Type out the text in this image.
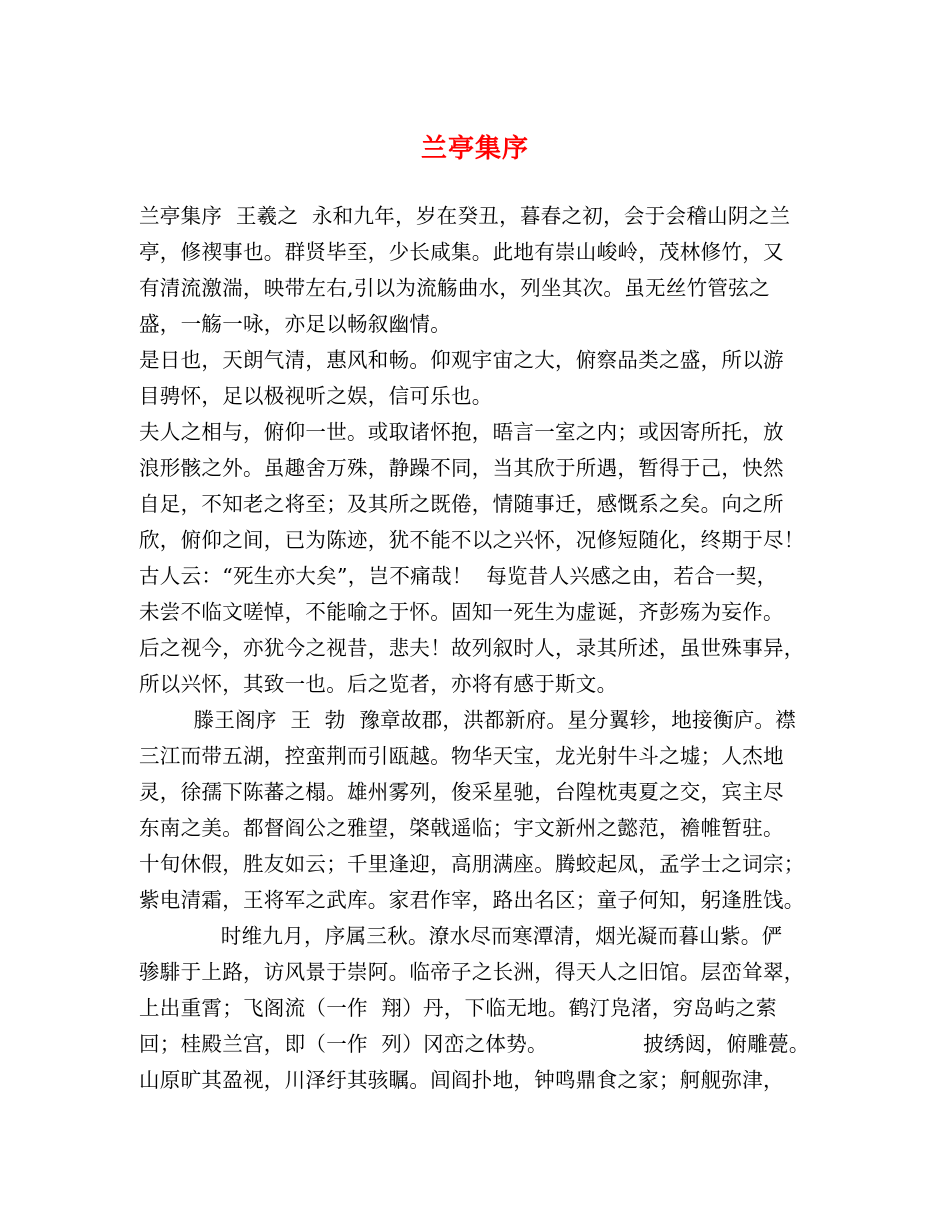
兰亭集序
兰亭集序  王羲之  永和九年，岁在癸丑，暮春之初，会于会稽山阴之兰
亭，修禊事也。群贤毕至，少长咸集。此地有崇山峻岭，茂林修竹，又
有清流激湍，映带左右,引以为流觞曲水，列坐其次。虽无丝竹管弦之
盛，一觞一咏，亦足以畅叙幽情。
是日也，天朗气清，惠风和畅。仰观宇宙之大，俯察品类之盛，所以游
目骋怀，足以极视听之娱，信可乐也。
夫人之相与，俯仰一世。或取诸怀抱，晤言一室之内；或因寄所托，放
浪形骸之外。虽趣舍万殊，静躁不同，当其欣于所遇，暂得于己，快然
自足，不知老之将至；及其所之既倦，情随事迁，感慨系之矣。向之所
欣，俯仰之间，已为陈迹，犹不能不以之兴怀，况修短随化，终期于尽！
古人云：“死生亦大矣”，岂不痛哉！  每览昔人兴感之由，若合一契，
未尝不临文嗟悼，不能喻之于怀。固知一死生为虚诞，齐彭殇为妄作。
后之视今，亦犹今之视昔，悲夫！故列叙时人，录其所述，虽世殊事异，
所以兴怀，其致一也。后之览者，亦将有感于斯文。
滕王阁序  王  勃  豫章故郡，洪都新府。星分翼轸，地接衡庐。襟
三江而带五湖，控蛮荆而引瓯越。物华天宝，龙光射牛斗之墟；人杰地
灵，徐孺下陈蕃之榻。雄州雾列，俊采星驰，台隍枕夷夏之交，宾主尽
东南之美。都督阎公之雅望，棨戟遥临；宇文新州之懿范，襜帷暂驻。
十旬休假，胜友如云；千里逢迎，高朋满座。腾蛟起凤，孟学士之词宗；
紫电清霜，王将军之武库。家君作宰，路出名区；童子何知，躬逢胜饯。
时维九月，序属三秋。潦水尽而寒潭清，烟光凝而暮山紫。俨
骖騑于上路，访风景于崇阿。临帝子之长洲，得天人之旧馆。层峦耸翠，
上出重霄；飞阁流（一作  翔）丹，下临无地。鹤汀凫渚，穷岛屿之萦
回；桂殿兰宫，即（一作  列）冈峦之体势。              披绣闼，俯雕甍。
山原旷其盈视，川泽纡其骇瞩。闾阎扑地，钟鸣鼎食之家；舸舰弥津，
